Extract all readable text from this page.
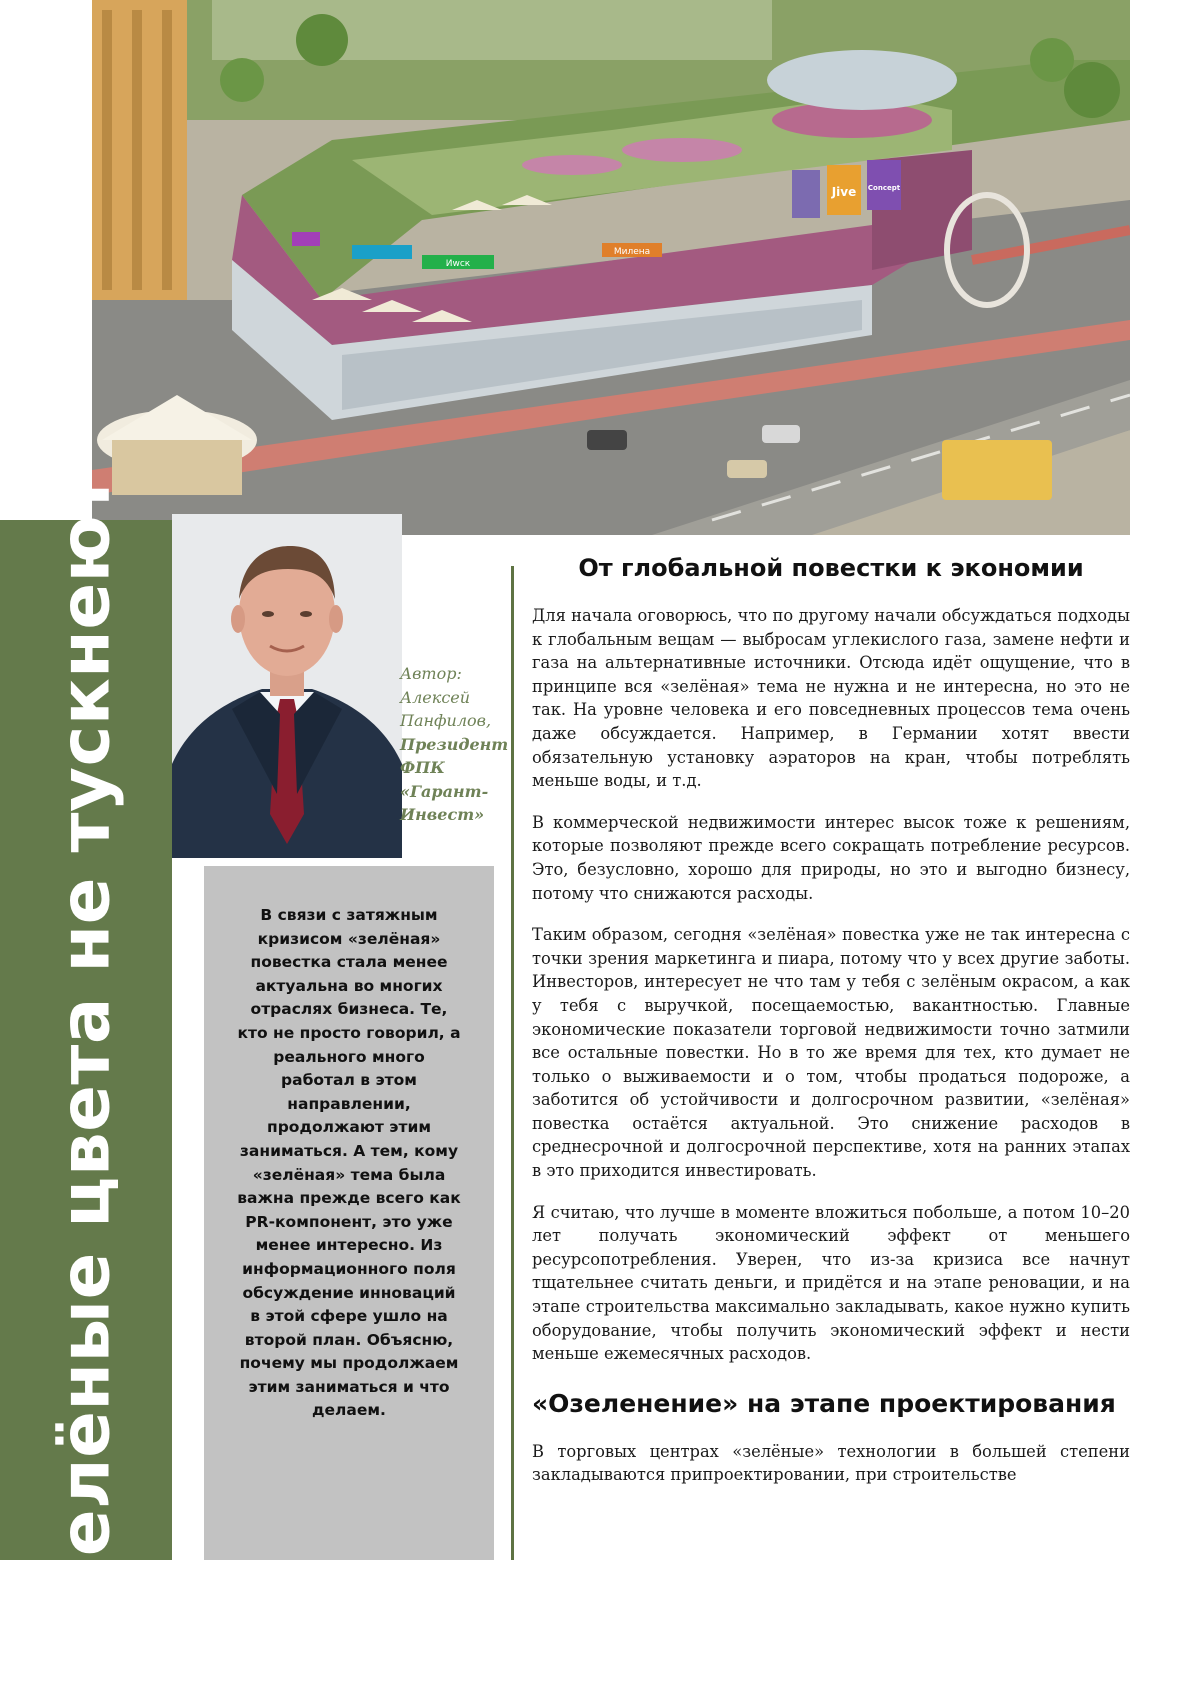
Jive Concept
Иwск
Милена
Зелёные цвета не тускнеют	Автор:
Алексей
Панфилов,
Президент
ФПК
«Гарант-
Инвест»
В связи с затяжным кризисом «зелёная» повестка стала менее актуальна во многих отраслях бизнеса. Те, кто не просто говорил, а реального много работал в этом направлении, продолжают этим заниматься. А тем, кому «зелёная» тема была важна прежде всего как PR-компонент, это уже менее интересно. Из информационного поля обсуждение инноваций в этой сфере ушло на второй план. Объясню, почему мы продолжаем этим заниматься и что делаем.
От глобальной повестки к экономии

Для начала оговорюсь, что по другому начали обсуждаться подходы к глобальным вещам — выбросам углекислого газа, замене нефти и газа на альтернативные источники. Отсюда идёт ощущение, что в принципе вся «зелёная» тема не нужна и не интересна, но это не так. На уровне человека и его повседневных процессов тема очень даже обсуждается. Например, в Германии хотят ввести обязательную установку аэраторов на кран, чтобы потреблять меньше воды, и т.д.

В коммерческой недвижимости интерес высок тоже к решениям, которые позволяют прежде всего сокращать потребление ресурсов. Это, безусловно, хорошо для природы, но это и выгодно бизнесу, потому что снижаются расходы.

Таким образом, сегодня «зелёная» повестка уже не так интересна с точки зрения маркетинга и пиара, потому что у всех другие заботы. Инвесторов, интересует не что там у тебя с зелёным окрасом, а как у тебя с выручкой, посещаемостью, вакантностью. Главные экономические показатели торговой недвижимости точно затмили все остальные повестки. Но в то же время для тех, кто думает не только о выживаемости и о том, чтобы продаться подороже, а заботится об устойчивости и долгосрочном развитии, «зелёная» повестка остаётся актуальной. Это снижение расходов в среднесрочной и долгосрочной перспективе, хотя на ранних этапах в это приходится инвестировать.

Я считаю, что лучше в моменте вложиться побольше, а потом 10–20 лет получать экономический эффект от меньшего ресурсопотребления. Уверен, что из-за кризиса все начнут тщательнее считать деньги, и придётся и на этапе реновации, и на этапе строительства максимально закладывать, какое нужно купить оборудование, чтобы получить экономический эффект и нести меньше ежемесячных расходов.

«Озеленение» на этапе проектирования

В торговых центрах «зелёные» технологии в большей степени закладываются припроектировании, при строительстве
